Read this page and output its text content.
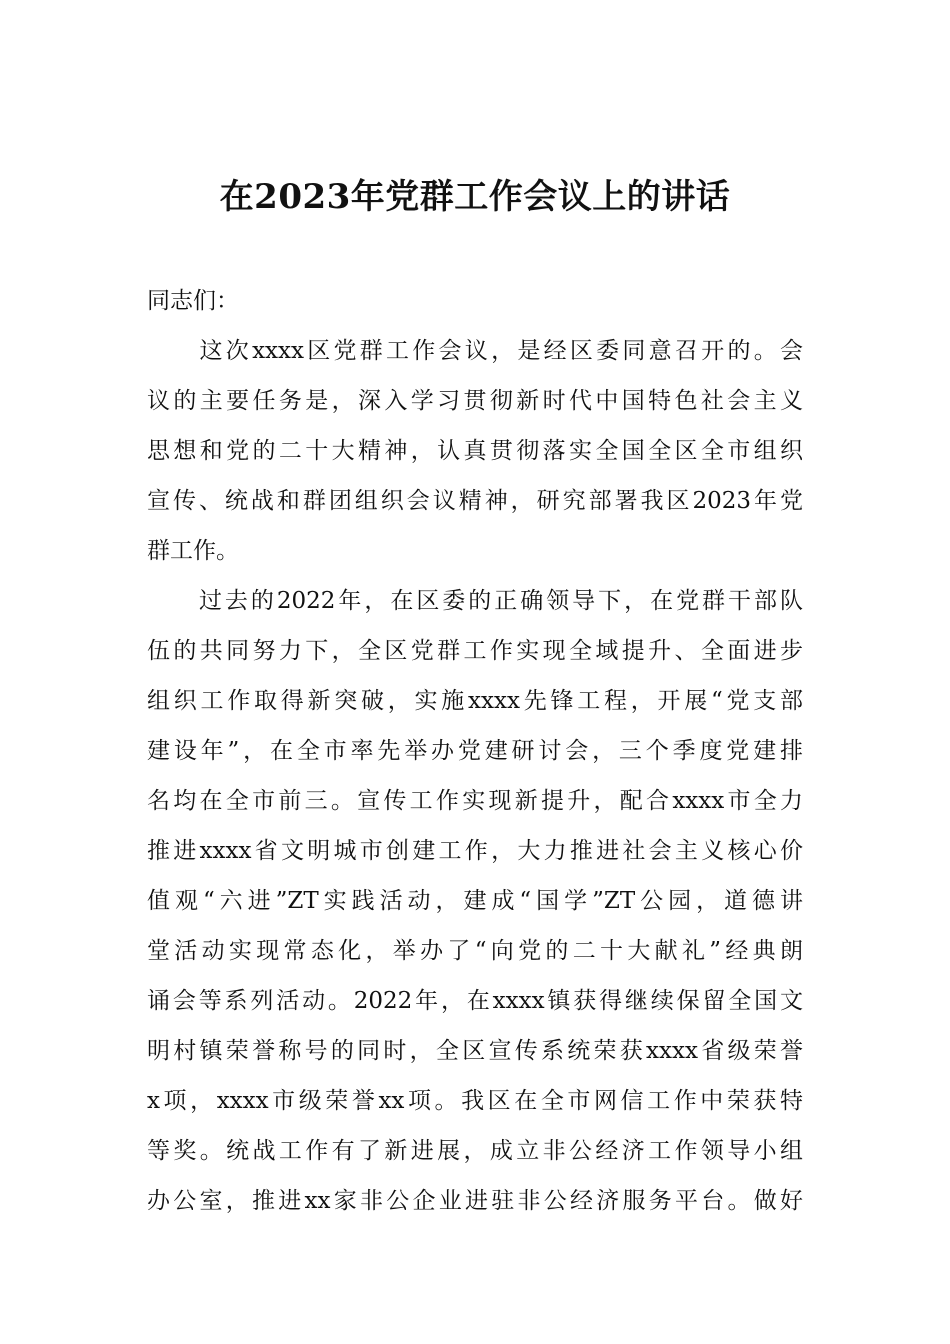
在2023年党群工作会议上的讲话
同志们：
　　这次xxxx区党群工作会议，是经区委同意召开的。会
议的主要任务是，深入学习贯彻新时代中国特色社会主义
思想和党的二十大精神，认真贯彻落实全国全区全市组织
宣传、统战和群团组织会议精神，研究部署我区2023年党
群工作。
　　过去的2022年，在区委的正确领导下，在党群干部队
伍的共同努力下，全区党群工作实现全域提升、全面进步
组织工作取得新突破，实施xxxx先锋工程，开展“党支部
建设年”，在全市率先举办党建研讨会，三个季度党建排
名均在全市前三。宣传工作实现新提升，配合xxxx市全力
推进xxxx省文明城市创建工作，大力推进社会主义核心价
值观“六进”ZT实践活动，建成“国学”ZT公园，道德讲
堂活动实现常态化，举办了“向党的二十大献礼”经典朗
诵会等系列活动。2022年，在xxxx镇获得继续保留全国文
明村镇荣誉称号的同时，全区宣传系统荣获xxxx省级荣誉
x项，xxxx市级荣誉xx项。我区在全市网信工作中荣获特
等奖。统战工作有了新进展，成立非公经济工作领导小组
办公室，推进xx家非公企业进驻非公经济服务平台。做好
